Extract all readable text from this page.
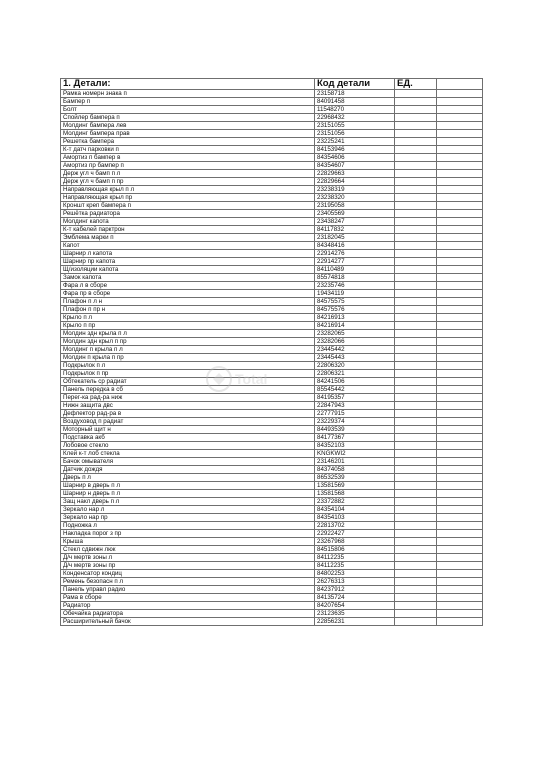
1. Детали:	Код детали	ЕД.	
Рамка номерн знака п	23158718		
Бампер п	84091458		
Болт	11548270		
Спойлер бампера п	22968432		
Молдинг бампера лев	23151055		
Молдинг бампера прав	23151056		
Решетка бампера	23225241		
К-т датч парковки п	84153946		
Амортиз п бампер в	84354606		
Амортиз пр бампер п	84354607		
Держ угл ч бамп п л	22829663		
Держ угл ч бамп п пр	22829664		
Направляющая крыл п л	23238319		
Направляющая крыл пр	23238320		
Кроншт креп бампера п	23195058		
Решётка радиатора	23405569		
Молдинг капота	23438247		
К-т кабелей парктрон	84117832		
Эмблема марки п	23182045		
Капот	84348416		
Шарнир л капота	22914276		
Шарнир пр капота	22914277		
Щ/изоляции капота	84110489		
Замок капота	85574818		
Фара л в сборе	23235746		
Фара пр в сборе	19434119		
Плафон п л н	84575575		
Плафон п пр н	84575576		
Крыло п л	84216913		
Крыло п пр	84216914		
Молдин здн крыла п л	23282065		
Молдин здн крыл п пр	23282066		
Молдинг п крыла п л	23445442		
Молдин п крыла п пр	23445443		
Подкрылок п л	22806320		
Подкрылок п пр	22806321		
Обтекатель ср радиат	84241506		
Панель передка в сб	85545442		
Перег-ка рад-ра ниж	84195357		
Нижн защита двс	22847943		
Дефлектор рад-ра в	22777915		
Воздуховод п радиат	23229374		
Моторный щит н	84493539		
Подставка акб	84177367		
Лобовое стекло	84352103		
Клей к-т лоб стекла	KNGKWI2		
Бачок омывателя	23146201		
Датчик дождя	84374058		
Дверь п л	86532539		
Шарнир в дверь п л	13581569		
Шарнир н дверь п л	13581568		
Защ накл дверь п л	23372882		
Зеркало нар л	84354104		
Зеркало нар пр	84354103		
Подножка л	22813702		
Накладка порог з пр	22922427		
Крыша	23267968		
Стекл сдвижн люк	84515806		
Д/ч мертв зоны л	84112235		
Д/ч мертв зоны пр	84112235		
Конденсатор кондиц	84802253		
Ремень безопасн п л	26276313		
Панель управл радио	84237912		
Рама в сборе	84135724		
Радиатор	84207654		
Обечайка радиатора	23123635		
Расширительный бачок	22856231		
Total
